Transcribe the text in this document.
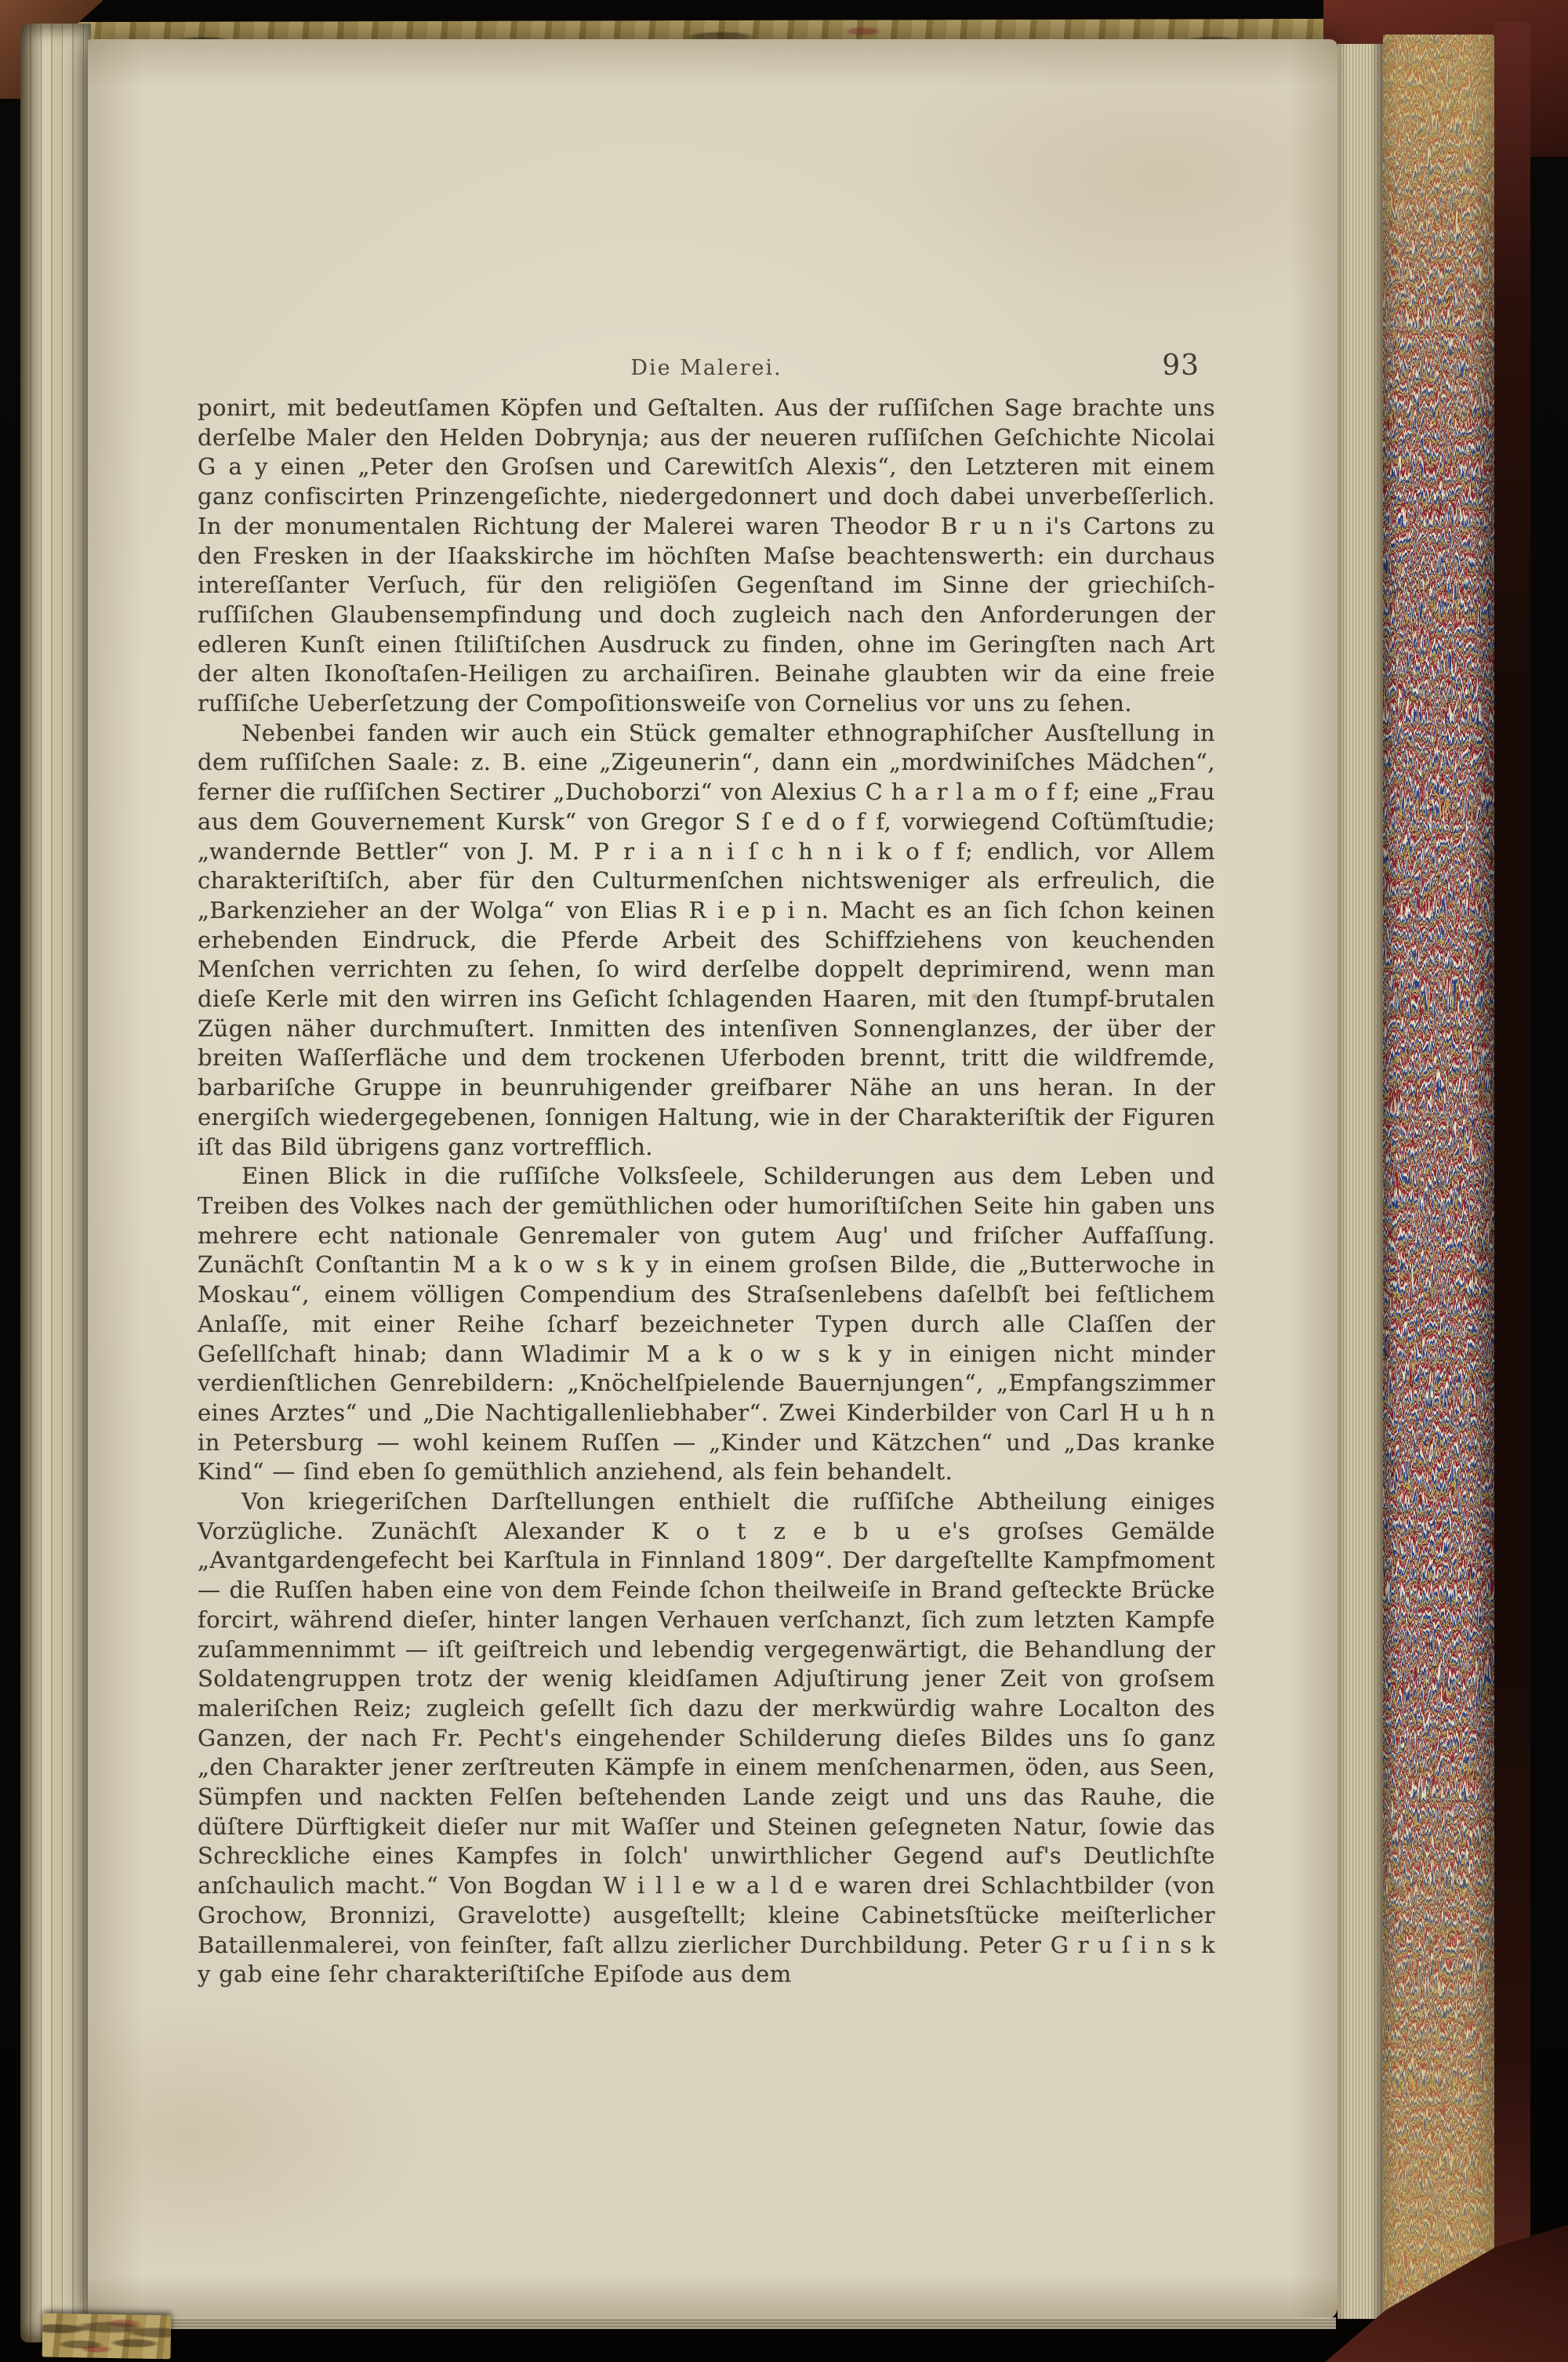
Die Malerei.	93

ponirt, mit bedeutſamen Köpfen und Geſtalten. Aus der ruſſiſchen Sage brachte uns derſelbe Maler den Helden Dobrynja; aus der neueren ruſſiſchen Geſchichte Nicolai G a y einen „Peter den Groſsen und Carewitſch Alexis“, den Letzteren mit einem ganz confiscirten Prinzengeſichte, niedergedonnert und doch dabei unverbeſſerlich. In der monumentalen Richtung der Malerei waren Theodor B r u n i's Cartons zu den Fresken in der Iſaakskirche im höchſten Maſse beachtenswerth: ein durchaus intereſſanter Verſuch, für den religiöſen Gegenſtand im Sinne der griechiſch-ruſſiſchen Glaubensempfindung und doch zugleich nach den Anforderungen der edleren Kunſt einen ſtiliſtiſchen Ausdruck zu finden, ohne im Geringſten nach Art der alten Ikonoſtaſen-Heiligen zu archaiſiren. Beinahe glaubten wir da eine freie ruſſiſche Ueberſetzung der Compoſitionsweiſe von Cornelius vor uns zu ſehen.

Nebenbei fanden wir auch ein Stück gemalter ethnographiſcher Ausſtellung in dem ruſſiſchen Saale: z. B. eine „Zigeunerin“, dann ein „mordwiniſches Mädchen“, ferner die ruſſiſchen Sectirer „Duchoborzi“ von Alexius C h a r l a m o f f; eine „Frau aus dem Gouvernement Kursk“ von Gregor S ſ e d o f f, vorwiegend Coſtümſtudie; „wandernde Bettler“ von J. M. P r i a n i ſ c h n i k o f f; endlich, vor Allem charakteriſtiſch, aber für den Culturmenſchen nichtsweniger als erfreulich, die „Barkenzieher an der Wolga“ von Elias R i e p i n. Macht es an ſich ſchon keinen erhebenden Eindruck, die Pferde Arbeit des Schiffziehens von keuchenden Menſchen verrichten zu ſehen, ſo wird derſelbe doppelt deprimirend, wenn man dieſe Kerle mit den wirren ins Geſicht ſchlagenden Haaren, mit den ſtumpf-brutalen Zügen näher durchmuſtert. Inmitten des intenſiven Sonnenglanzes, der über der breiten Waſſerfläche und dem trockenen Uferboden brennt, tritt die wildfremde, barbariſche Gruppe in beunruhigender greifbarer Nähe an uns heran. In der energiſch wiedergegebenen, ſonnigen Haltung, wie in der Charakteriſtik der Figuren iſt das Bild übrigens ganz vortrefflich.

Einen Blick in die ruſſiſche Volksſeele, Schilderungen aus dem Leben und Treiben des Volkes nach der gemüthlichen oder humoriſtiſchen Seite hin gaben uns mehrere echt nationale Genremaler von gutem Aug' und friſcher Auffaſſung. Zunächſt Conſtantin M a k o w s k y in einem groſsen Bilde, die „Butterwoche in Moskau“, einem völligen Compendium des Straſsenlebens daſelbſt bei feſtlichem Anlaſſe, mit einer Reihe ſcharf bezeichneter Typen durch alle Claſſen der Geſellſchaft hinab; dann Wladimir M a k o w s k y in einigen nicht minder verdienſtlichen Genrebildern: „Knöchelſpielende Bauernjungen“, „Empfangszimmer eines Arztes“ und „Die Nachtigallenliebhaber“. Zwei Kinderbilder von Carl H u h n in Petersburg — wohl keinem Ruſſen — „Kinder und Kätzchen“ und „Das kranke Kind“ — ſind eben ſo gemüthlich anziehend, als fein behandelt.

Von kriegeriſchen Darſtellungen enthielt die ruſſiſche Abtheilung einiges Vorzügliche. Zunächſt Alexander K o t z e b u e's groſses Gemälde „Avantgardengefecht bei Karſtula in Finnland 1809“. Der dargeſtellte Kampfmoment — die Ruſſen haben eine von dem Feinde ſchon theilweiſe in Brand geſteckte Brücke forcirt, während dieſer, hinter langen Verhauen verſchanzt, ſich zum letzten Kampfe zuſammennimmt — iſt geiſtreich und lebendig vergegenwärtigt, die Behandlung der Soldatengruppen trotz der wenig kleidſamen Adjuſtirung jener Zeit von groſsem maleriſchen Reiz; zugleich geſellt ſich dazu der merkwürdig wahre Localton des Ganzen, der nach Fr. Pecht's eingehender Schilderung dieſes Bildes uns ſo ganz „den Charakter jener zerſtreuten Kämpfe in einem menſchenarmen, öden, aus Seen, Sümpfen und nackten Felſen beſtehenden Lande zeigt und uns das Rauhe, die düſtere Dürftigkeit dieſer nur mit Waſſer und Steinen geſegneten Natur, ſowie das Schreckliche eines Kampfes in ſolch' unwirthlicher Gegend auf's Deutlichſte anſchaulich macht.“ Von Bogdan W i l l e w a l d e waren drei Schlachtbilder (von Grochow, Bronnizi, Gravelotte) ausgeſtellt; kleine Cabinetsſtücke meiſterlicher Bataillenmalerei, von feinſter, faſt allzu zierlicher Durchbildung. Peter G r u ſ i n s k y gab eine ſehr charakteriſtiſche Epiſode aus dem
